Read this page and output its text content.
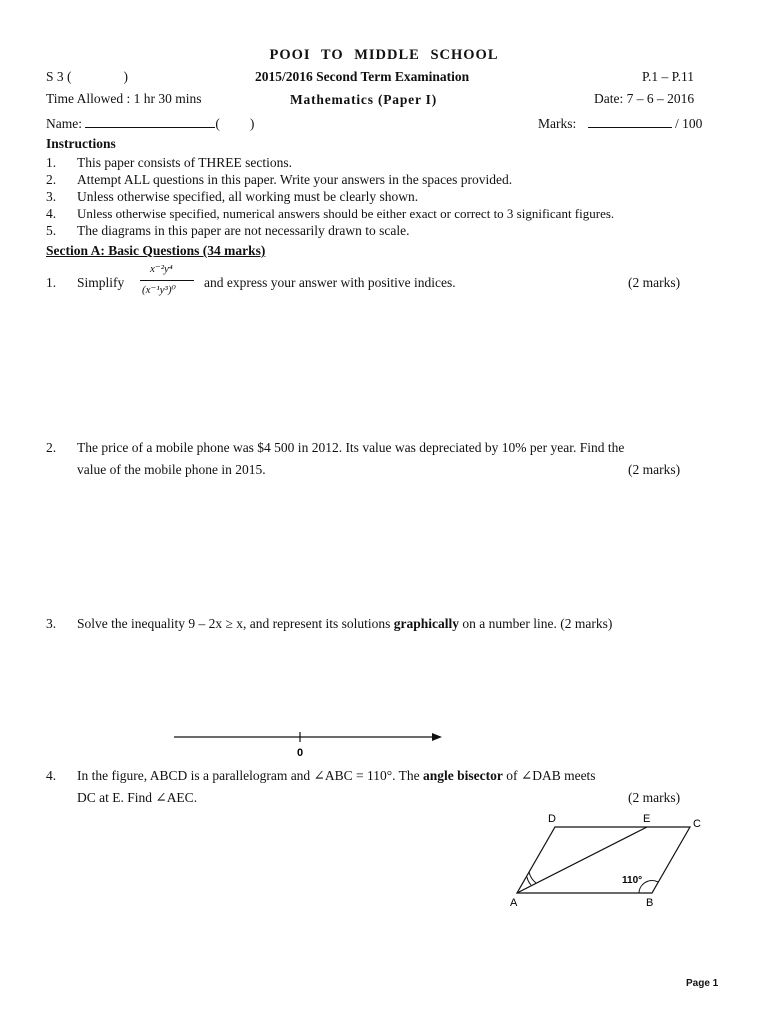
POOI TO MIDDLE SCHOOL
S 3 (	)	2015/2016 Second Term Examination	P.1 – P.11
Time Allowed : 1 hr 30 mins	Mathematics (Paper I)	Date: 7 – 6 – 2016
Name:	( )	Marks:	/ 100
Instructions
1. This paper consists of THREE sections.
2. Attempt ALL questions in this paper. Write your answers in the spaces provided.
3. Unless otherwise specified, all working must be clearly shown.
4. Unless otherwise specified, numerical answers should be either exact or correct to 3 significant figures.
5. The diagrams in this paper are not necessarily drawn to scale.
Section A: Basic Questions (34 marks)
1. Simplify
x⁻²y⁴
(x⁻¹y³)⁰ and express your answer with positive indices.	(2 marks)
2. The price of a mobile phone was $4 500 in 2012. Its value was depreciated by 10% per year. Find the
value of the mobile phone in 2015.	(2 marks)
3. Solve the inequality 9 – 2x ≥ x, and represent its solutions graphically on a number line. (2 marks)
0
4. In the figure, ABCD is a parallelogram and ∠ABC = 110°. The angle bisector of ∠DAB meets
DC at E. Find ∠AEC.	(2 marks)
110°
A	B
C
D	E
Page 1
